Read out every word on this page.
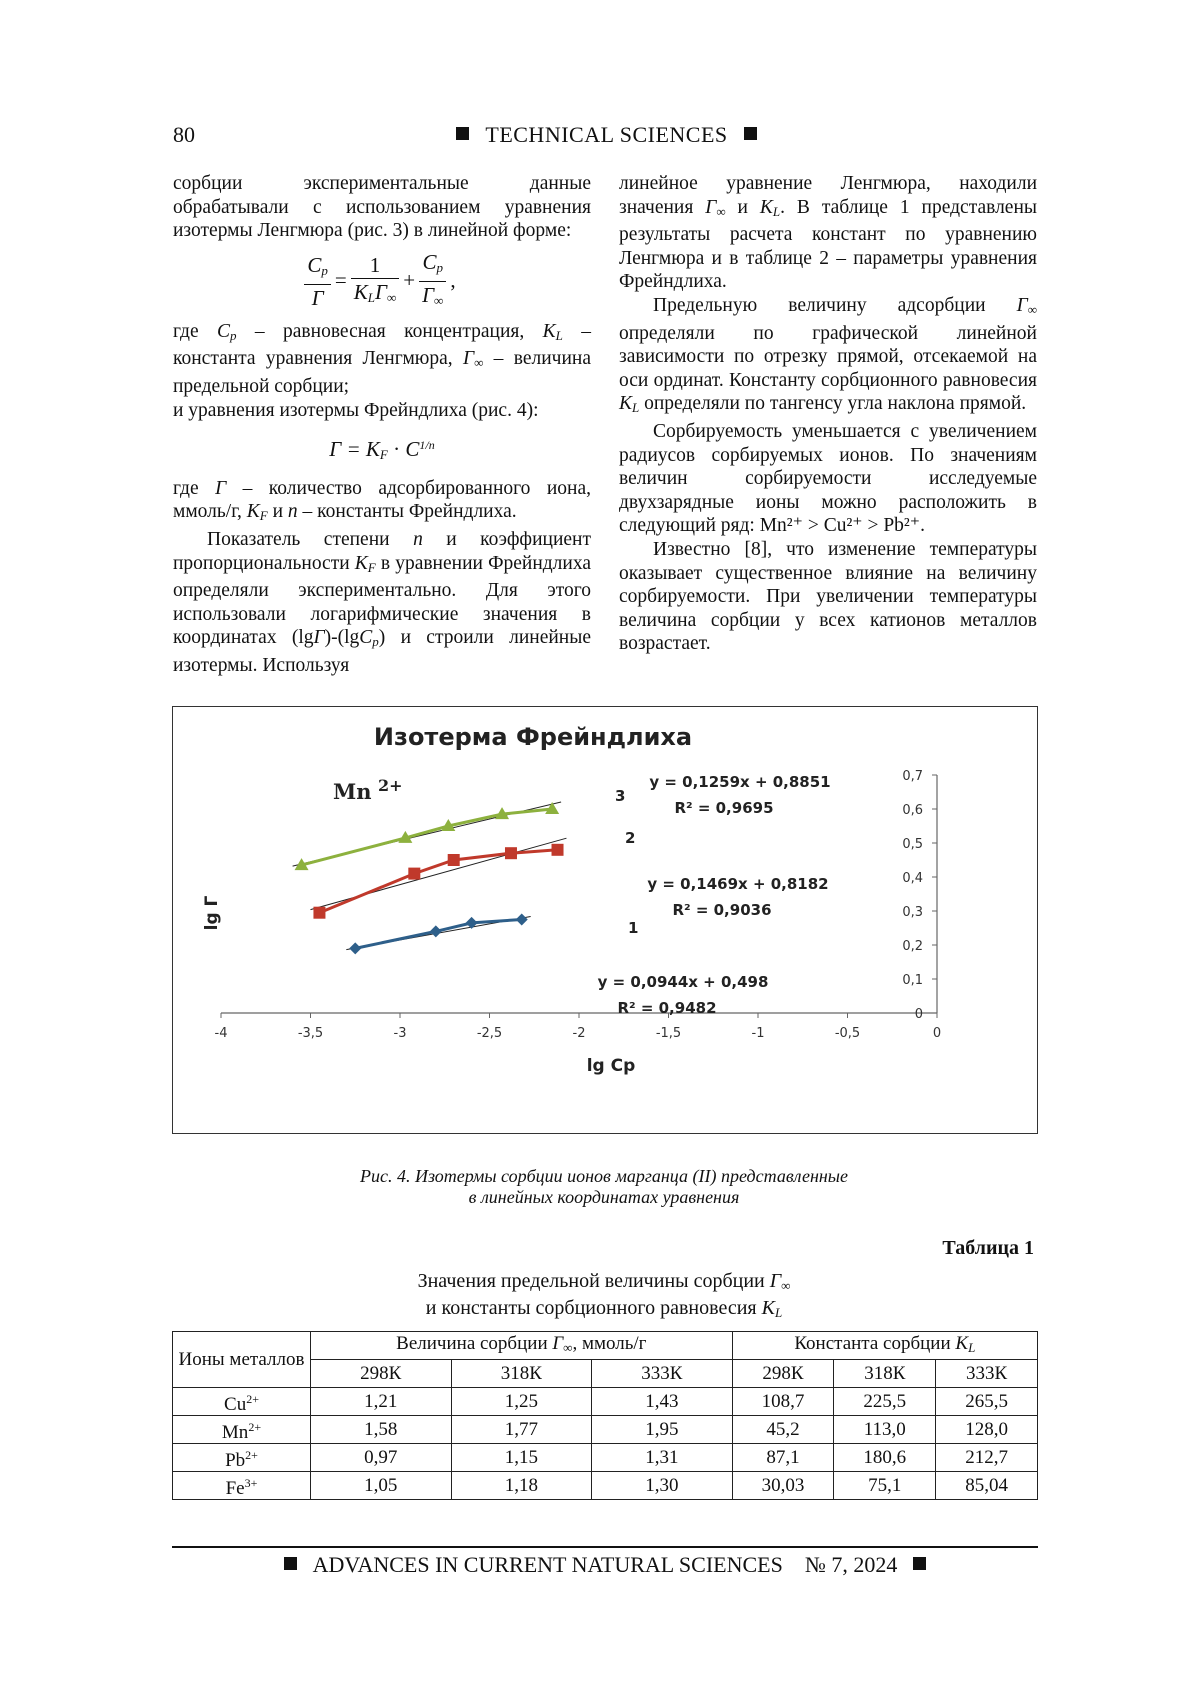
80	TECHNICAL SCIENCES

сорбции экспериментальные данные обрабатывали с использованием уравнения изотермы Ленгмюра (рис. 3) в линейной форме:

$\frac{C_p}{Г} = \frac{1}{K_LГ_\infty} + \frac{C_p}{Г_\infty}$ ,

где $C_p$ – равновесная концентрация, $K_L$ – константа уравнения Ленгмюра, $Г_\infty$ – величина предельной сорбции;

и уравнения изотермы Фрейндлиха (рис. 4):

$Г = K_F \cdot C^{1/n}$

где Г – количество адсорбированного иона, ммоль/г, $K_F$ и n – константы Фрейндлиха.

Показатель степени n и коэффициент пропорциональности $K_F$ в уравнении Фрейндлиха определяли экспериментально. Для этого использовали логарифмические значения в координатах (lgГ)-(lgC$_p$) и строили линейные изотермы. Используя

линейное уравнение Ленгмюра, находили значения $Г_\infty$ и $K_L$. В таблице 1 представлены результаты расчета констант по уравнению Ленгмюра и в таблице 2 – параметры уравнения Фрейндлиха.

Предельную величину адсорбции $Г_\infty$ определяли по графической линейной зависимости по отрезку прямой, отсекаемой на оси ординат. Константу сорбционного равновесия $K_L$ определяли по тангенсу угла наклона прямой.

Сорбируемость уменьшается с увеличением радиусов сорбируемых ионов. По значениям величин сорбируемости исследуемые двухзарядные ионы можно расположить в следующий ряд: Mn²⁺ > Cu²⁺ > Pb²⁺.

Известно [8], что изменение температуры оказывает существенное влияние на величину сорбируемости. При увеличении температуры величина сорбции у всех катионов металлов возрастает.

Изотерма Фрейндлиха
-4	-3,5	-3	-2,5	-2	-1,5	-1	-0,5	0
0
0,1
0,2
0,3
0,4
0,5
0,6
0,7
lg Cp
lg Г
Mn 2+
1
y = 0,0944x + 0,498
R² = 0,9482
2
y = 0,1469x + 0,8182
R² = 0,9036
3
y = 0,1259x + 0,8851
R² = 0,9695
Рис. 4. Изотермы сорбции ионов марганца (II) представленные
в линейных координатах уравнения
Таблица 1
Значения предельной величины сорбции $Г_\infty$
и константы сорбционного равновесия $K_L$
Ионы металлов	Величина сорбции $Г_\infty$, ммоль/г			Константа сорбции $K_L$
	298К	318К	333К	298К	318К	333К
$Cu^{2+}$	1,21	1,25	1,43	108,7	225,5	265,5
$Mn^{2+}$	1,58	1,77	1,95	45,2	113,0	128,0
$Pb^{2+}$	0,97	1,15	1,31	87,1	180,6	212,7
$Fe^{3+}$	1,05	1,18	1,30	30,03	75,1	85,04
ADVANCES IN CURRENT NATURAL SCIENCES № 7, 2024
